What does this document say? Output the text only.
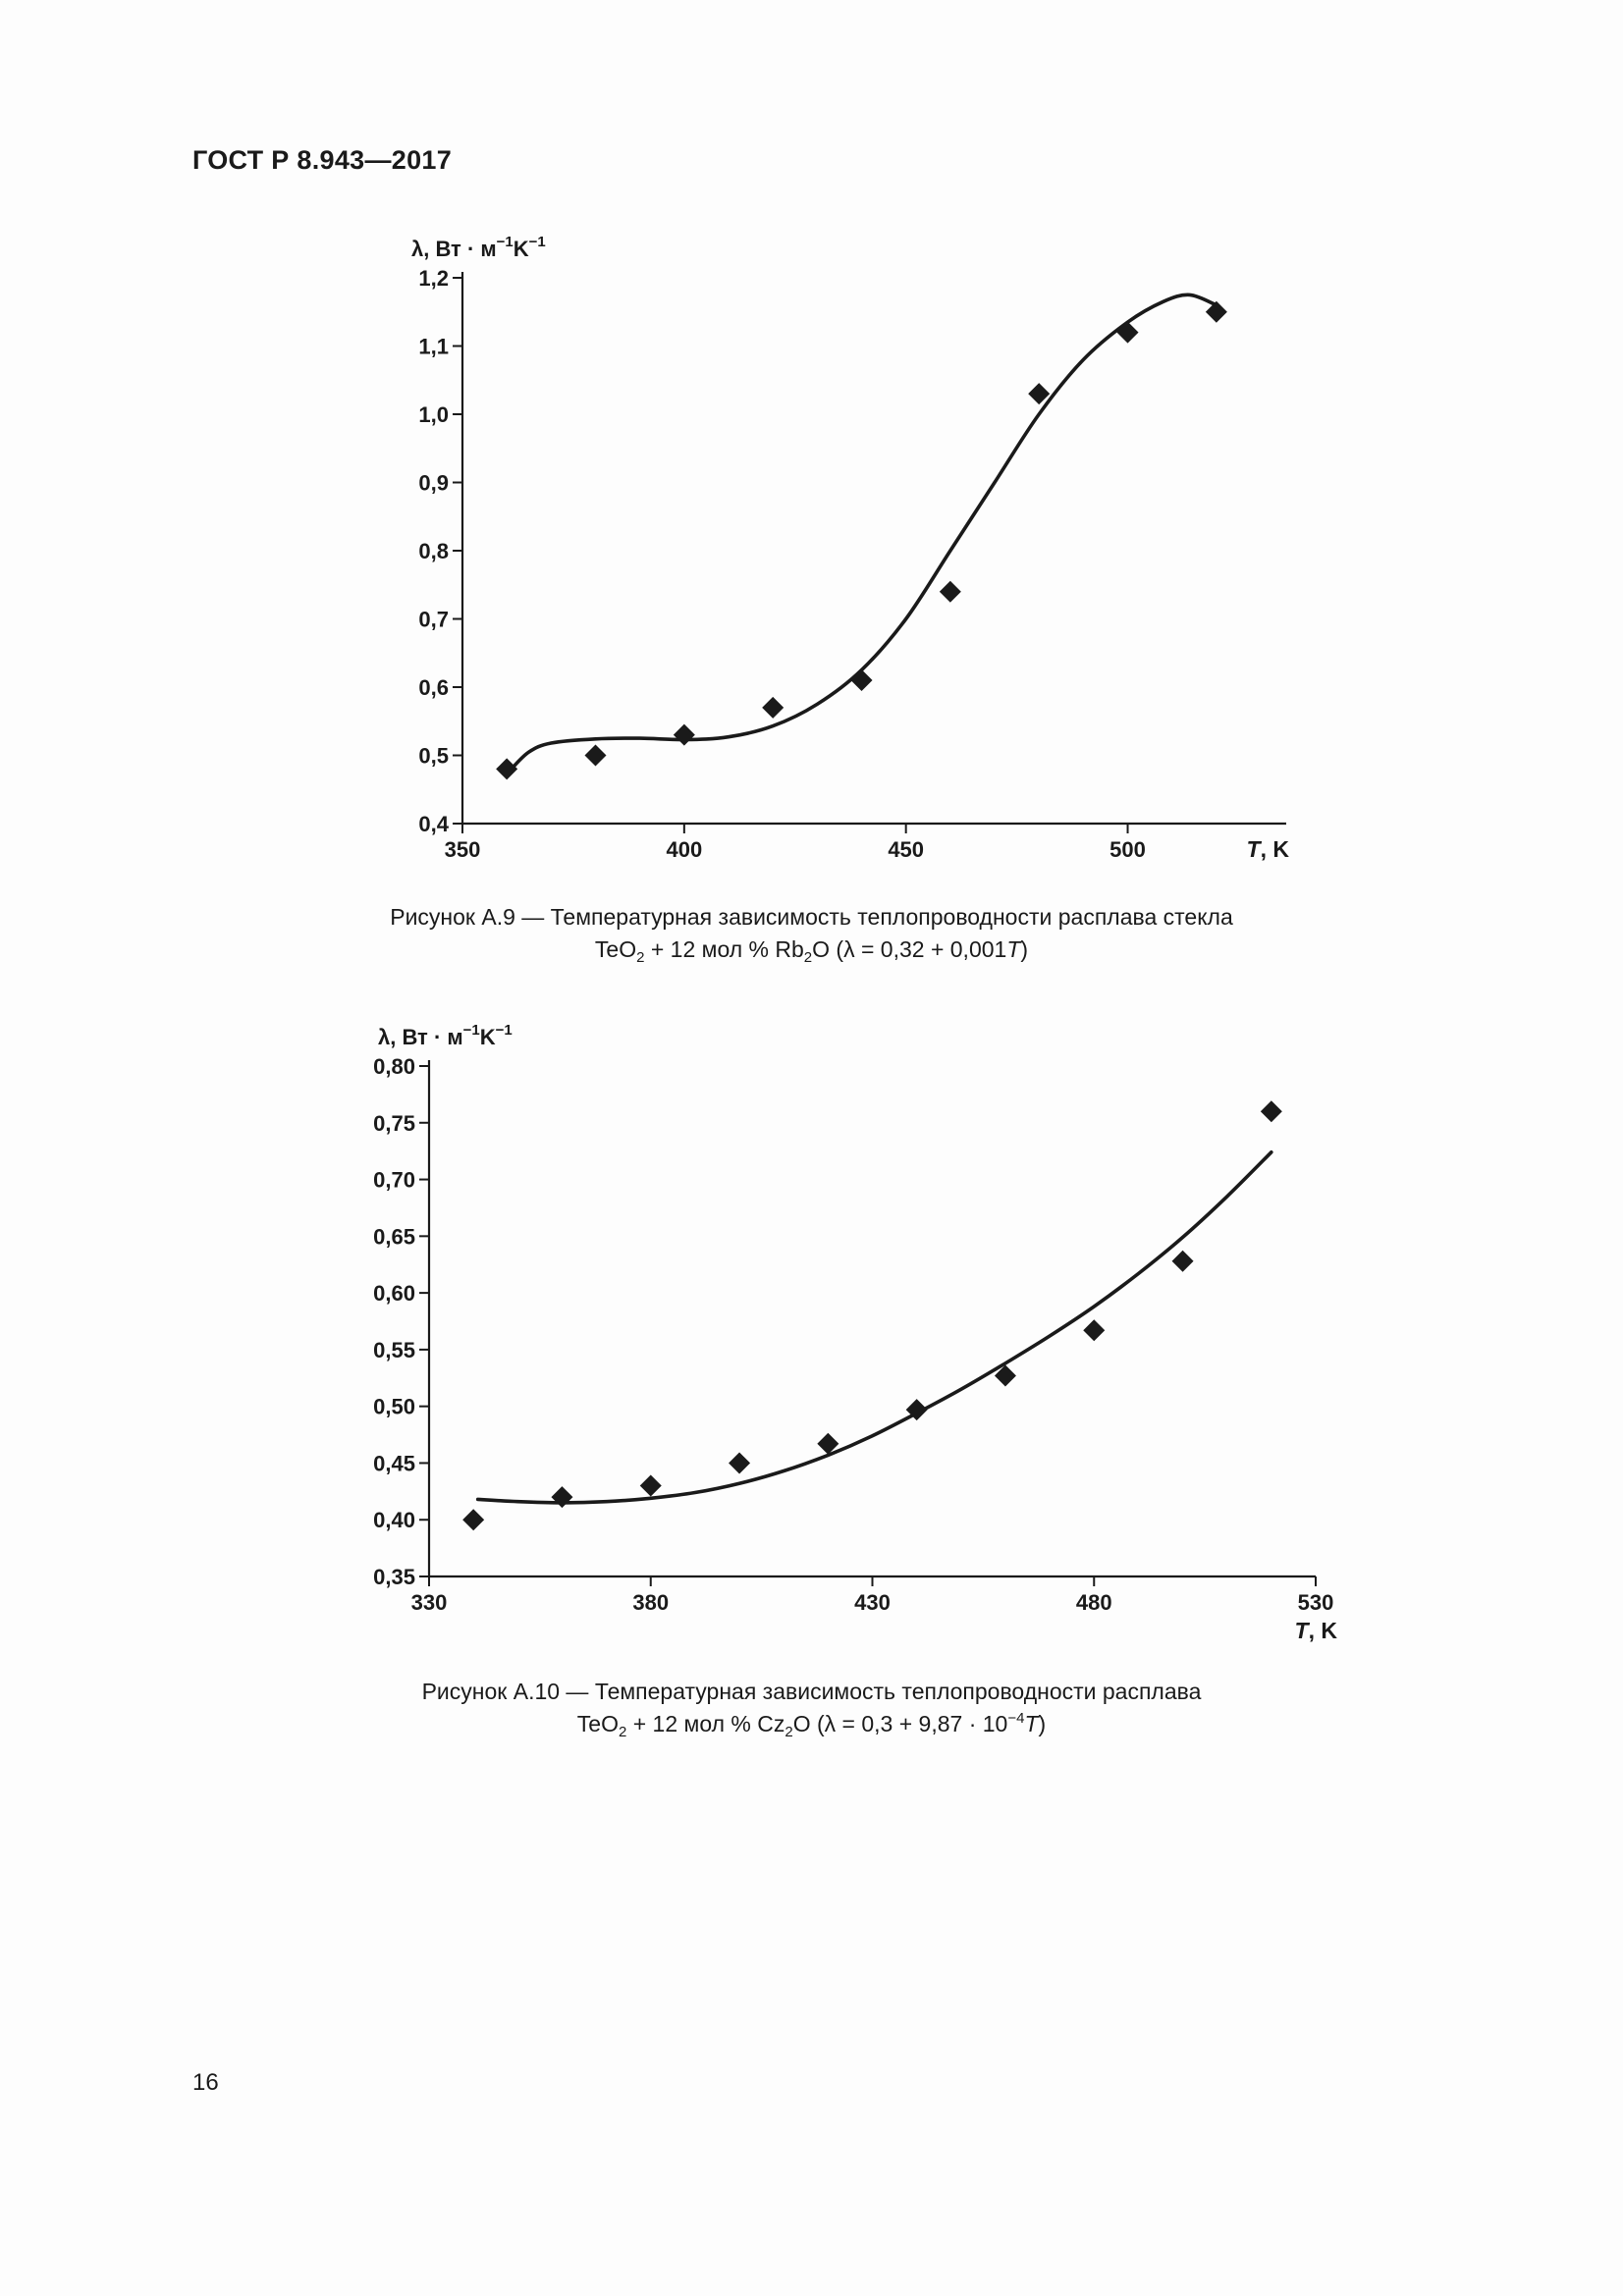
ГОСТ Р 8.943—2017
0,4
0,5
0,6
0,7
0,8
0,9
1,0
1,1
1,2
350	400	450	500	T, K
λ, Вт · $м^{-1}K^{-1}$
Рисунок А.9 — Температурная зависимость теплопроводности расплава стекла
TeO$_2$ + 12 мол % $Rb_2O$ (λ = 0,32 + 0,001T)
0,35
0,40
0,45
0,50
0,55
0,60
0,65
0,70
0,75
0,80
330	380	430	480	530
T, K
λ, Вт · $м^{-1}K^{-1}$
Рисунок А.10 — Температурная зависимость теплопроводности расплава
TeO$_2$ + 12 мол % $Cz_2O$ $(\lambda = 0,3 + 9,87 \cdot 10^{-4}T)$
16
